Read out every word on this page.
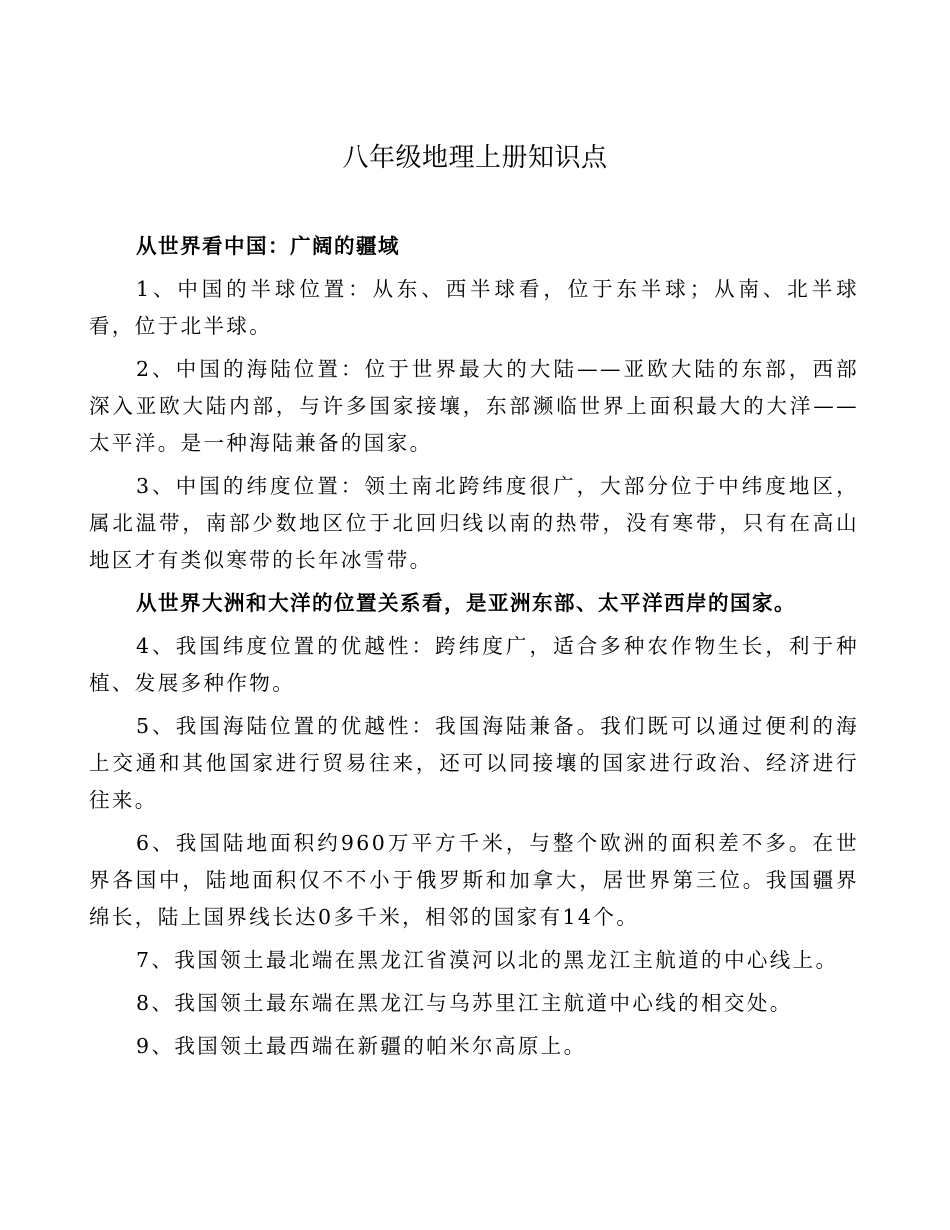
八年级地理上册知识点

从世界看中国：广阔的疆域

1、中国的半球位置：从东、西半球看，位于东半球；从南、北半球看，位于北半球。

2、中国的海陆位置：位于世界最大的大陆——亚欧大陆的东部，西部深入亚欧大陆内部，与许多国家接壤，东部濒临世界上面积最大的大洋——太平洋。是一种海陆兼备的国家。

3、中国的纬度位置：领土南北跨纬度很广，大部分位于中纬度地区，属北温带，南部少数地区位于北回归线以南的热带，没有寒带，只有在高山地区才有类似寒带的长年冰雪带。

从世界大洲和大洋的位置关系看，是亚洲东部、太平洋西岸的国家。

4、我国纬度位置的优越性：跨纬度广，适合多种农作物生长，利于种植、发展多种作物。

5、我国海陆位置的优越性：我国海陆兼备。我们既可以通过便利的海上交通和其他国家进行贸易往来，还可以同接壤的国家进行政治、经济进行往来。

6、我国陆地面积约960万平方千米，与整个欧洲的面积差不多。在世界各国中，陆地面积仅不不小于俄罗斯和加拿大，居世界第三位。我国疆界绵长，陆上国界线长达0多千米，相邻的国家有14个。

7、我国领土最北端在黑龙江省漠河以北的黑龙江主航道的中心线上。

8、我国领土最东端在黑龙江与乌苏里江主航道中心线的相交处。

9、我国领土最西端在新疆的帕米尔高原上。
